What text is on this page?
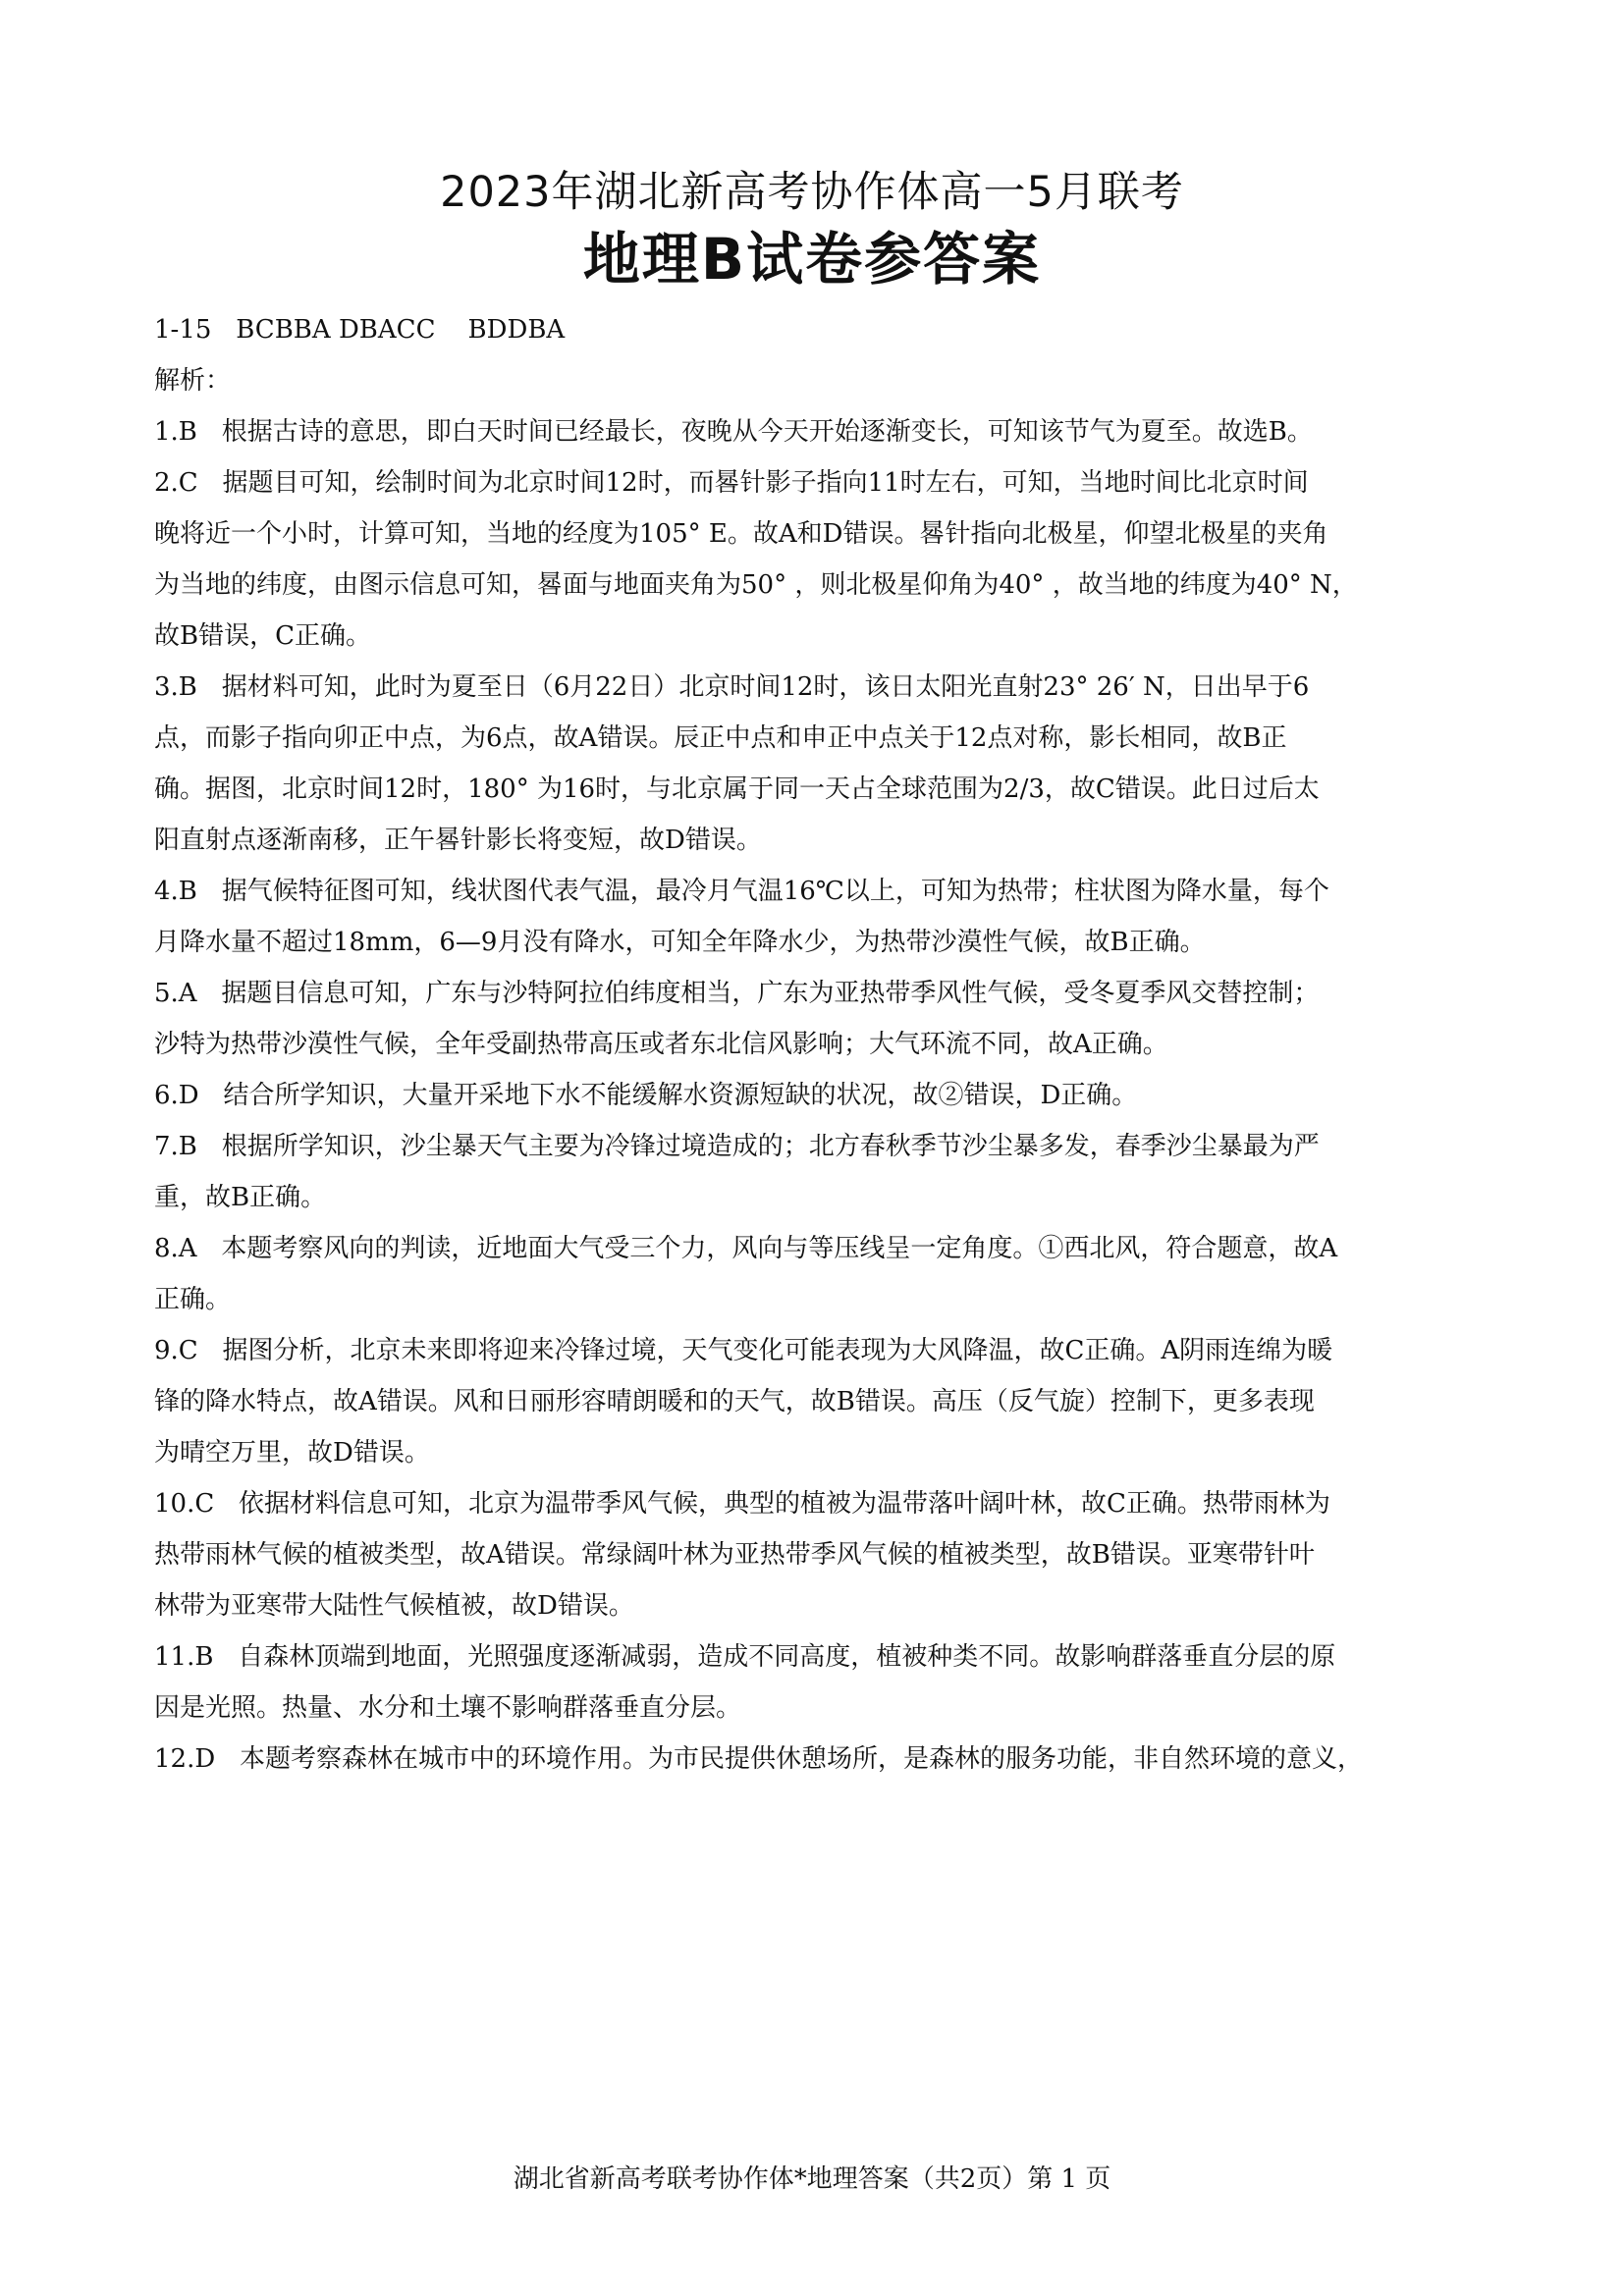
2023年湖北新高考协作体高一5月联考
地理B试卷参答案
1-15   BCBBA DBACC    BDDBA
解析：
1.B   根据古诗的意思，即白天时间已经最长，夜晚从今天开始逐渐变长，可知该节气为夏至。故选B。
2.C   据题目可知，绘制时间为北京时间12时，而晷针影子指向11时左右，可知，当地时间比北京时间
晚将近一个小时，计算可知，当地的经度为105° E。故A和D错误。晷针指向北极星，仰望北极星的夹角
为当地的纬度，由图示信息可知，晷面与地面夹角为50° ，则北极星仰角为40° ，故当地的纬度为40° N，
故B错误，C正确。
3.B   据材料可知，此时为夏至日（6月22日）北京时间12时，该日太阳光直射23° 26′ N，日出早于6
点，而影子指向卯正中点，为6点，故A错误。辰正中点和申正中点关于12点对称，影长相同，故B正
确。据图，北京时间12时，180° 为16时，与北京属于同一天占全球范围为2/3，故C错误。此日过后太
阳直射点逐渐南移，正午晷针影长将变短，故D错误。
4.B   据气候特征图可知，线状图代表气温，最冷月气温16℃以上，可知为热带；柱状图为降水量，每个
月降水量不超过18mm，6—9月没有降水，可知全年降水少，为热带沙漠性气候，故B正确。
5.A   据题目信息可知，广东与沙特阿拉伯纬度相当，广东为亚热带季风性气候，受冬夏季风交替控制；
沙特为热带沙漠性气候，全年受副热带高压或者东北信风影响；大气环流不同，故A正确。
6.D   结合所学知识，大量开采地下水不能缓解水资源短缺的状况，故②错误，D正确。
7.B   根据所学知识，沙尘暴天气主要为冷锋过境造成的；北方春秋季节沙尘暴多发，春季沙尘暴最为严
重，故B正确。
8.A   本题考察风向的判读，近地面大气受三个力，风向与等压线呈一定角度。①西北风，符合题意，故A
正确。
9.C   据图分析，北京未来即将迎来冷锋过境，天气变化可能表现为大风降温，故C正确。A阴雨连绵为暖
锋的降水特点，故A错误。风和日丽形容晴朗暖和的天气，故B错误。高压（反气旋）控制下，更多表现
为晴空万里，故D错误。
10.C   依据材料信息可知，北京为温带季风气候，典型的植被为温带落叶阔叶林，故C正确。热带雨林为
热带雨林气候的植被类型，故A错误。常绿阔叶林为亚热带季风气候的植被类型，故B错误。亚寒带针叶
林带为亚寒带大陆性气候植被，故D错误。
11.B   自森林顶端到地面，光照强度逐渐减弱，造成不同高度，植被种类不同。故影响群落垂直分层的原
因是光照。热量、水分和土壤不影响群落垂直分层。
12.D   本题考察森林在城市中的环境作用。为市民提供休憩场所，是森林的服务功能，非自然环境的意义，
湖北省新高考联考协作体*地理答案（共2页）第 1 页
